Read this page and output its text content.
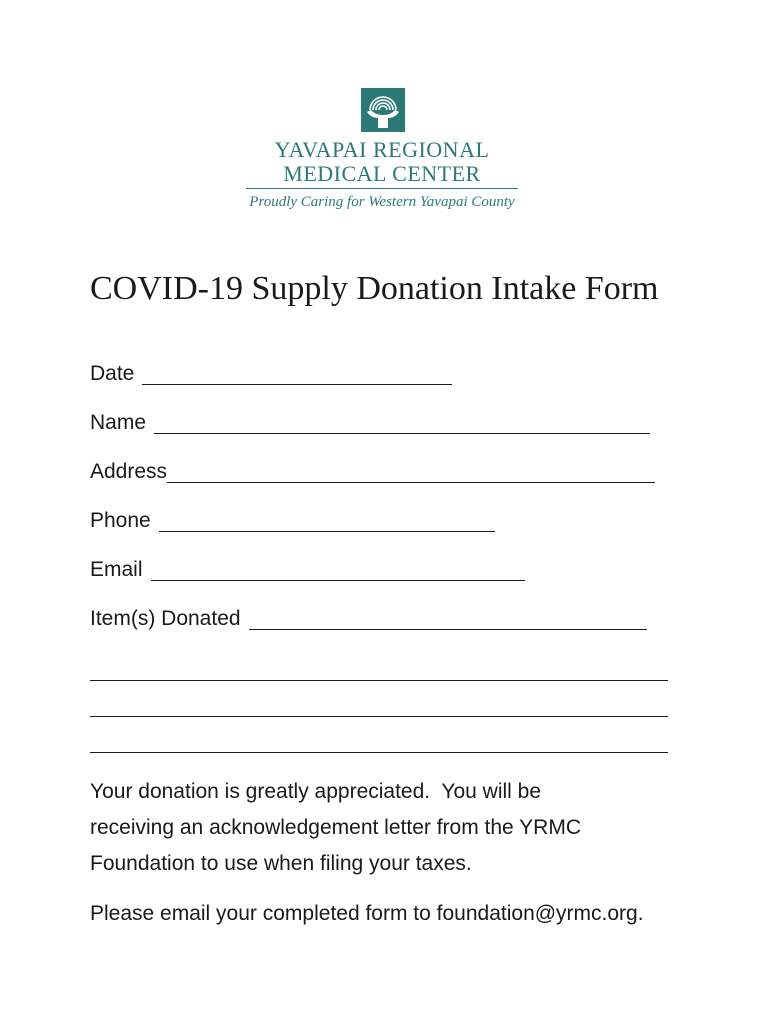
YAVAPAI REGIONAL
MEDICAL CENTER
Proudly Caring for Western Yavapai County
COVID-19 Supply Donation Intake Form
Date
Name
Address
Phone
Email
Item(s) Donated
Your donation is greatly appreciated.  You will be
receiving an acknowledgement letter from the YRMC
Foundation to use when filing your taxes.
Please email your completed form to foundation@yrmc.org.
